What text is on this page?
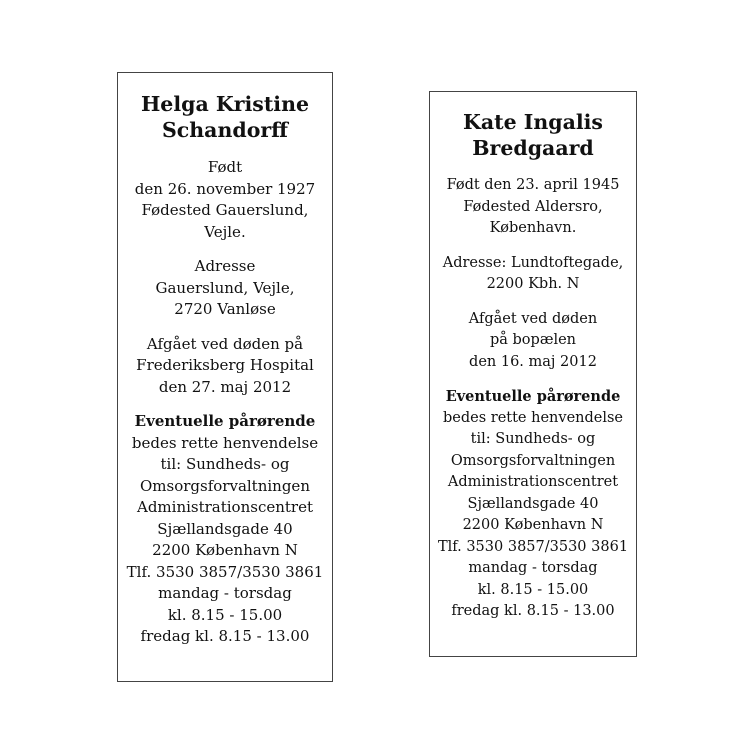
Helga Kristine
Schandorff
Født
den 26. november 1927
Fødested Gauerslund,
Vejle.
Adresse
Gauerslund, Vejle,
2720 Vanløse
Afgået ved døden på
Frederiksberg Hospital
den 27. maj 2012
Eventuelle pårørende
bedes rette henvendelse
til: Sundheds- og
Omsorgsforvaltningen
Administrationscentret
Sjællandsgade 40
2200 København N
Tlf. 3530 3857/3530 3861
mandag - torsdag
kl. 8.15 - 15.00
fredag kl. 8.15 - 13.00
Kate Ingalis
Bredgaard
Født den 23. april 1945
Fødested Aldersro,
København.
Adresse: Lundtoftegade,
2200 Kbh. N
Afgået ved døden
på bopælen
den 16. maj 2012
Eventuelle pårørende
bedes rette henvendelse
til: Sundheds- og
Omsorgsforvaltningen
Administrationscentret
Sjællandsgade 40
2200 København N
Tlf. 3530 3857/3530 3861
mandag - torsdag
kl. 8.15 - 15.00
fredag kl. 8.15 - 13.00
